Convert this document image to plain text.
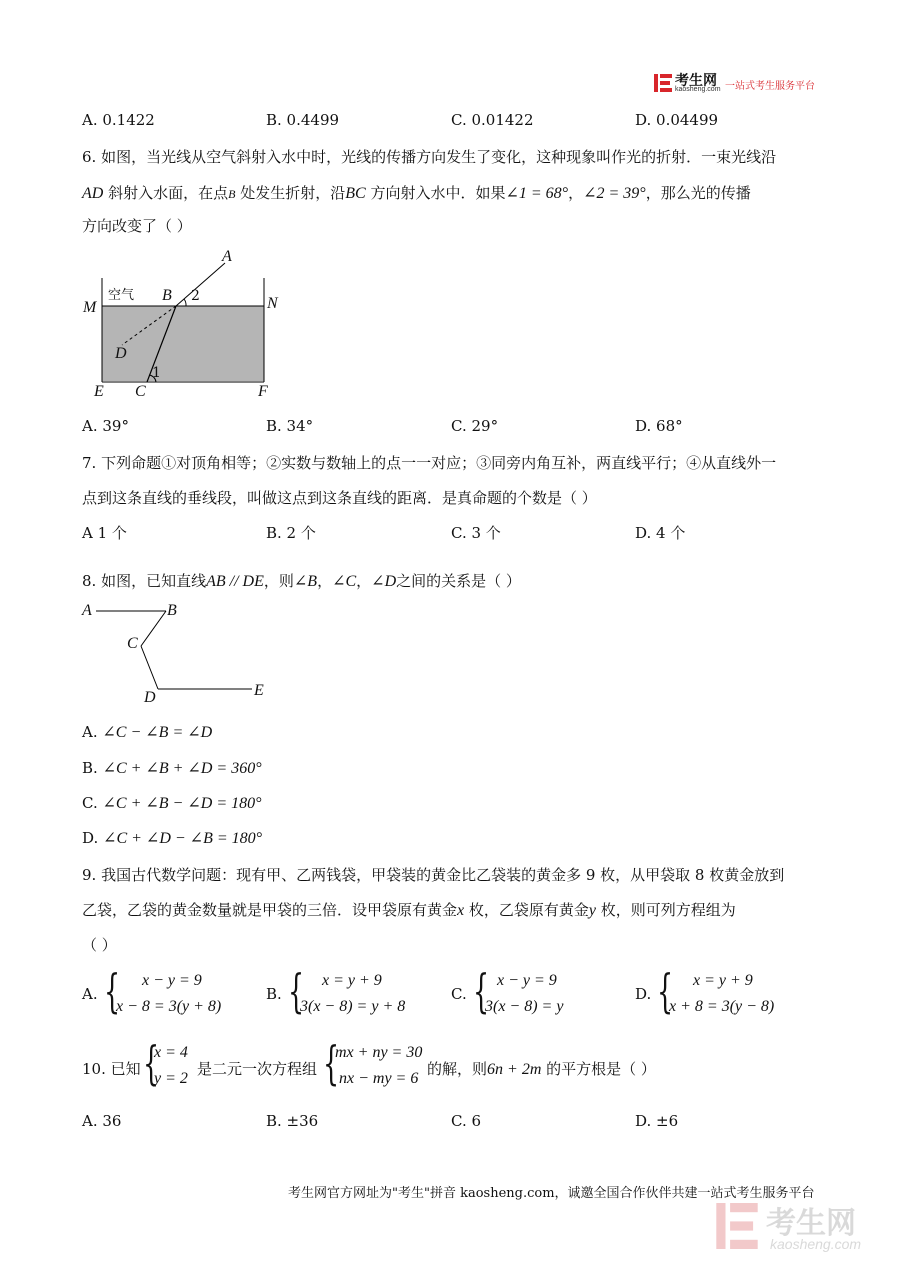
考生网
kaosheng.com 一站式考生服务平台
A. 0.1422	B. 0.4499	C. 0.01422	D. 0.04499
6. 如图，当光线从空气斜射入水中时，光线的传播方向发生了变化，这种现象叫作光的折射．一束光线沿
AD 斜射入水面，在点B 处发生折射，沿BC 方向射入水中．如果∠1 = 68°，∠2 = 39°，那么光的传播
方向改变了（ ）
空气
A
B 2
M	N
D
1
E C	F
A. 39°	B. 34°	C. 29°	D. 68°
7. 下列命题①对顶角相等；②实数与数轴上的点一一对应；③同旁内角互补，两直线平行；④从直线外一
点到这条直线的垂线段，叫做这点到这条直线的距离．是真命题的个数是（ ）
A 1 个	B. 2 个	C. 3 个	D. 4 个
8. 如图，已知直线AB // DE，则∠B，∠C，∠D之间的关系是（ ）
A	B
C
D	E
A. ∠C − ∠B = ∠D
B. ∠C + ∠B + ∠D = 360°
C. ∠C + ∠B − ∠D = 180°
D. ∠C + ∠D − ∠B = 180°
9. 我国古代数学问题：现有甲、乙两钱袋，甲袋装的黄金比乙袋装的黄金多 9 枚，从甲袋取 8 枚黄金放到
乙袋，乙袋的黄金数量就是甲袋的三倍．设甲袋原有黄金x 枚，乙袋原有黄金y 枚，则可列方程组为
（ ）
A. { x − y = 9
x − 8 = 3(y + 8)
B. { x = y + 9
3(x − 8) = y + 8
C. { x − y = 9
3(x − 8) = y
D. { x = y + 9
x + 8 = 3(y − 8)
10. 已知 {
x = 4
y = 2
是二元一次方程组 {
mx + ny = 30
nx − my = 6
的解，则6n + 2m 的平方根是（ ）
A. 36	B. ±36	C. 6	D. ±6
考生网官方网址为"考生"拼音 kaosheng.com，诚邀全国合作伙伴共建一站式考生服务平台
考生网
kaosheng.com
